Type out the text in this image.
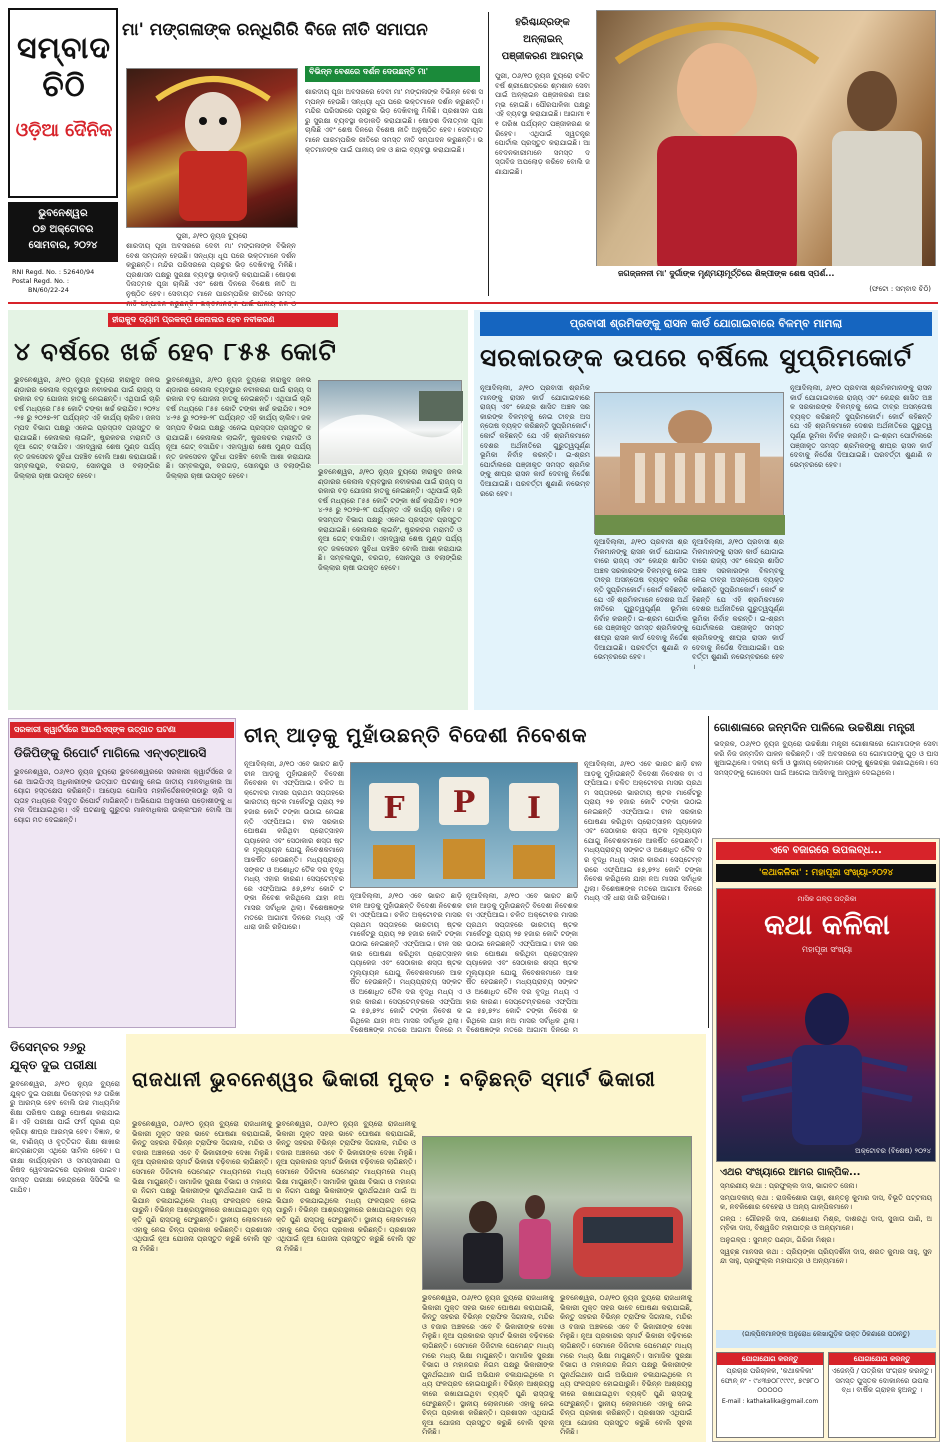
ସମ୍ବାଦ ଚିଠି
ଓଡ଼ିଆ ଦୈନିକ
ଭୁବନେଶ୍ୱର
୦୭ ଅକ୍ଟୋବର
ସୋମବାର, ୨୦୨୪
RNI Regd. No. : 52640/94
Postal Regd. No. :
BN/60/22-24
ମା' ମଙ୍ଗଳାଙ୍କ ରନ୍ଧିଗିରି ବିଜେ ନୀତି ସମାପନ
ପୁରୀ, ୬/୧୦ ନ୍ୟୁଜ ବ୍ୟୁରୋ
ଶାରଦୀୟ ପୂଜା ଅବସରରେ ଦେବୀ ମା' ମଙ୍ଗଳାଙ୍କ ବିଭିନ୍ନ ବେଶ ସମ୍ପନ୍ନ ହେଉଛି। ସନ୍ଧ୍ୟା ଧୂପ ପରେ ଭକ୍ତମାନେ ଦର୍ଶନ କରୁଛନ୍ତି। ମନ୍ଦିର ପରିସରରେ ପ୍ରଚୁର ଭିଡ଼ ଦେଖିବାକୁ ମିଳିଛି। ପ୍ରଶାସନ ପକ୍ଷରୁ ସୁରକ୍ଷା ବ୍ୟବସ୍ଥା କଡ଼ାକଡ଼ି କରାଯାଇଛି। ଷୋଡ଼ଶ ଦିନାତ୍ମକ ପୂଜା ଚାଲିଛି ଏବଂ ଶେଷ ଦିନରେ ବିଶେଷ ନୀତି ଅନୁଷ୍ଠିତ ହେବ। ସେବାୟତ ମାନେ ପାରମ୍ପରିକ ରୀତିରେ ସମସ୍ତ
ବିଭିନ୍ନ ବେଶରେ ଦର୍ଶନ ଦେଉଛନ୍ତି ମା'
ଶାରଦୀୟ ପୂଜା ଅବସରରେ ଦେବୀ ମା' ମଙ୍ଗଳାଙ୍କ ବିଭିନ୍ନ ବେଶ ସମ୍ପନ୍ନ ହେଉଛି। ସନ୍ଧ୍ୟା ଧୂପ ପରେ ଭକ୍ତମାନେ ଦର୍ଶନ କରୁଛନ୍ତି। ମନ୍ଦିର ପରିସରରେ ପ୍ରଚୁର ଭିଡ଼ ଦେଖିବାକୁ ମିଳିଛି। ପ୍ରଶାସନ ପକ୍ଷରୁ ସୁରକ୍ଷା ବ୍ୟବସ୍ଥା କଡ଼ାକଡ଼ି କରାଯାଇଛି। ଷୋଡ଼ଶ ଦିନାତ୍ମକ ପୂଜା ଚାଲିଛି ଏବଂ ଶେଷ ଦିନରେ ବିଶେଷ ନୀତି ଅନୁଷ୍ଠିତ ହେବ। ସେବାୟତ ମାନେ ପାରମ୍ପରିକ ରୀତିରେ ସମସ୍ତ ନୀତି ସମ୍ପାଦନ କରୁଛନ୍ତି। ଭକ୍ତମାନଙ୍କ ପାଇଁ ପାନୀୟ ଜଳ ଓ ଛାଇ ବ୍ୟବସ୍ଥା କରାଯାଇଛି।
ହରିଶ୍ଚାନ୍ଦ୍ରଙ୍କ
ଅନ୍‌ଲାଇନ୍
ପଞ୍ଜୀକରଣ ଆରମ୍ଭ
ପୁରୀ, ୦୬/୧୦ ନ୍ୟୁଜ ବ୍ୟୁରୋ ଚଳିତ ବର୍ଷ ଶ୍ରୀକ୍ଷେତ୍ରରେ ଶ୍ମଶାନ ସେବା ପାଇଁ ଅନ୍‌ଲାଇନ ପଞ୍ଜୀକରଣ ଆରମ୍ଭ ହୋଇଛି। ପୌରପାଳିକା ପକ୍ଷରୁ ଏହି ବ୍ୟବସ୍ଥା କରାଯାଇଛି। ଆଗାମୀ ୧୧ ତାରିଖ ପର୍ଯ୍ୟନ୍ତ ପଞ୍ଜୀକରଣ କରିହେବ। ଏଥିପାଇଁ ସ୍ୱତନ୍ତ୍ର ପୋର୍ଟାଲ ପ୍ରସ୍ତୁତ କରାଯାଇଛି। ଆବେଦନକାରୀମାନେ ସମସ୍ତ ଦସ୍ତାବିଜ ଅପଲୋଡ଼ କରିବେ ବୋଲି ଜଣାଯାଇଛି।
ଜଗଜ୍ଜନନୀ ମା' ଦୁର୍ଗାଙ୍କ ମୃଣ୍ମୟୀମୂର୍ତ୍ତିରେ ଶିଳ୍ପୀଙ୍କ ଶେଷ ସ୍ପର୍ଶ...
(ଫଟୋ : ସମ୍ବାଦ ଚିଠି)
ହୀରାକୁଦ ଡ୍ୟାମ ପ୍ରକଳ୍ପ କେନାଲର ହେବ ନବୀକରଣ
୪ ବର୍ଷରେ ଖର୍ଚ୍ଚ ହେବ ୮୫୫ କୋଟି
ଭୁବନେଶ୍ୱର, ୬/୧୦ ନ୍ୟୁଜ ବ୍ୟୁରୋ ହୀରାକୁଦ ଜଳଭଣ୍ଡାରର କେନାଲ ବ୍ୟବସ୍ଥାର ନବୀକରଣ ପାଇଁ ରାଜ୍ୟ ସରକାର ବଡ଼ ଯୋଜନା ହାତକୁ ନେଇଛନ୍ତି। ଏଥିପାଇଁ ଚାରି ବର୍ଷ ମଧ୍ୟରେ ୮୫୫ କୋଟି ଟଙ୍କା ଖର୍ଚ୍ଚ କରାଯିବ। ୨୦୨୪-୨୫ ରୁ ୨୦୨୭-୨୮ ପର୍ଯ୍ୟନ୍ତ ଏହି କାର୍ଯ୍ୟ ଚାଲିବ। ଜଳସମ୍ପଦ ବିଭାଗ ପକ୍ଷରୁ ଏନେଇ ପ୍ରସ୍ତାବ ପ୍ରସ୍ତୁତ କରାଯାଇଛି। କେନାଲର ଲାଇନିଂ, ଷ୍ଟ୍ରକଚର ମରାମତି ଓ ନୂଆ ଗେଟ୍ ବସାଯିବ। ଏହାଦ୍ୱାରା ଶେଷ ମୁଣ୍ଡ ପର୍ଯ୍ୟନ୍ତ ଜଳସେଚନ ସୁବିଧା ପହଞ୍ଚିବ ବୋଲି ଆଶା କରାଯାଉଛି। ସମ୍ବଲପୁର, ବରଗଡ଼, ସୋନପୁର ଓ ବଲାଙ୍ଗିର ଜିଲ୍ଲାର ଚାଷୀ ଉପକୃତ ହେବେ।
ଭୁବନେଶ୍ୱର, ୬/୧୦ ନ୍ୟୁଜ ବ୍ୟୁରୋ ହୀରାକୁଦ ଜଳଭଣ୍ଡାରର କେନାଲ ବ୍ୟବସ୍ଥାର ନବୀକରଣ ପାଇଁ ରାଜ୍ୟ ସରକାର ବଡ଼ ଯୋଜନା ହାତକୁ ନେଇଛନ୍ତି। ଏଥିପାଇଁ ଚାରି ବର୍ଷ ମଧ୍ୟରେ ୮୫୫ କୋଟି ଟଙ୍କା ଖର୍ଚ୍ଚ କରାଯିବ। ୨୦୨୪-୨୫ ରୁ ୨୦୨୭-୨୮ ପର୍ଯ୍ୟନ୍ତ ଏହି କାର୍ଯ୍ୟ ଚାଲିବ। ଜଳସମ୍ପଦ ବିଭାଗ ପକ୍ଷରୁ ଏନେଇ ପ୍ରସ୍ତାବ ପ୍ରସ୍ତୁତ କରାଯାଇଛି। କେନାଲର ଲାଇନିଂ, ଷ୍ଟ୍ରକଚର ମରାମତି ଓ ନୂଆ ଗେଟ୍ ବସାଯିବ। ଏହାଦ୍ୱାରା ଶେଷ ମୁଣ୍ଡ ପର୍ଯ୍ୟନ୍ତ ଜଳସେଚନ ସୁବିଧା ପହଞ୍ଚିବ ବୋଲି ଆଶା କରାଯାଉଛି। ସମ୍ବଲପୁର, ବରଗଡ଼, ସୋନପୁର ଓ ବଲାଙ୍ଗିର ଜିଲ୍ଲାର ଚାଷୀ ଉପକୃତ ହେବେ।	ଭୁବନେଶ୍ୱର, ୬/୧୦ ନ୍ୟୁଜ ବ୍ୟୁରୋ ହୀରାକୁଦ ଜଳଭଣ୍ଡାରର କେନାଲ ବ୍ୟବସ୍ଥାର ନବୀକରଣ ପାଇଁ ରାଜ୍ୟ ସରକାର ବଡ଼ ଯୋଜନା ହାତକୁ ନେଇଛନ୍ତି। ଏଥିପାଇଁ ଚାରି ବର୍ଷ ମଧ୍ୟରେ ୮୫୫ କୋଟି ଟଙ୍କା ଖର୍ଚ୍ଚ କରାଯିବ। ୨୦୨୪-୨୫ ରୁ ୨୦୨୭-୨୮ ପର୍ଯ୍ୟନ୍ତ ଏହି କାର୍ଯ୍ୟ ଚାଲିବ। ଜଳସମ୍ପଦ ବିଭାଗ ପକ୍ଷରୁ ଏନେଇ ପ୍ରସ୍ତାବ ପ୍ରସ୍ତୁତ କରାଯାଇଛି। କେନାଲର ଲାଇନିଂ, ଷ୍ଟ୍ରକଚର ମରାମତି ଓ ନୂଆ ଗେଟ୍ ବସାଯିବ। ଏହାଦ୍ୱାରା ଶେଷ ମୁଣ୍ଡ ପର୍ଯ୍ୟନ୍ତ ଜଳସେଚନ ସୁବିଧା ପହଞ୍ଚିବ ବୋଲି ଆଶା କରାଯାଉଛି। ସମ୍ବଲପୁର, ବରଗଡ଼, ସୋନପୁର ଓ ବଲାଙ୍ଗିର ଜିଲ୍ଲାର ଚାଷୀ ଉପକୃତ ହେବେ।
ପ୍ରବାସୀ ଶ୍ରମିକଙ୍କୁ ରାସନ କାର୍ଡ ଯୋଗାଇବାରେ ବିଳମ୍ବ ମାମଲା
ସରକାରଙ୍କ ଉପରେ ବର୍ଷିଲେ ସୁପ୍ରିମକୋର୍ଟ
ନୂଆଦିଲ୍ଲୀ, ୬/୧୦ ପ୍ରବାସୀ ଶ୍ରମିକମାନଙ୍କୁ ରାସନ କାର୍ଡ ଯୋଗାଇବାରେ ରାଜ୍ୟ ଏବଂ କେନ୍ଦ୍ର ଶାସିତ ଅଞ୍ଚଳ ସରକାରଙ୍କ ବିଳମ୍ବକୁ ନେଇ ତୀବ୍ର ଅସନ୍ତୋଷ ବ୍ୟକ୍ତ କରିଛନ୍ତି ସୁପ୍ରିମକୋର୍ଟ। କୋର୍ଟ କହିଛନ୍ତି ଯେ ଏହି ଶ୍ରମିକମାନେ ଦେଶର ଅର୍ଥନୀତିରେ ଗୁରୁତ୍ୱପୂର୍ଣ୍ଣ ଭୂମିକା ନିର୍ବାହ କରନ୍ତି। ଇ-ଶ୍ରମ ପୋର୍ଟାଲରେ ପଞ୍ଜୀକୃତ ସମସ୍ତ ଶ୍ରମିକଙ୍କୁ ଶୀଘ୍ର ରାସନ କାର୍ଡ ଦେବାକୁ ନିର୍ଦ୍ଦେଶ ଦିଆଯାଇଛି। ପରବର୍ତ୍ତୀ ଶୁଣାଣି ନଭେମ୍ବରରେ ହେବ।
ନୂଆଦିଲ୍ଲୀ, ୬/୧୦ ପ୍ରବାସୀ ଶ୍ରମିକମାନଙ୍କୁ ରାସନ କାର୍ଡ ଯୋଗାଇବାରେ ରାଜ୍ୟ ଏବଂ କେନ୍ଦ୍ର ଶାସିତ ଅଞ୍ଚଳ ସରକାରଙ୍କ ବିଳମ୍ବକୁ ନେଇ ତୀବ୍ର ଅସନ୍ତୋଷ ବ୍ୟକ୍ତ କରିଛନ୍ତି ସୁପ୍ରିମକୋର୍ଟ। କୋର୍ଟ କହିଛନ୍ତି ଯେ ଏହି ଶ୍ରମିକମାନେ ଦେଶର ଅର୍ଥନୀତିରେ ଗୁରୁତ୍ୱପୂର୍ଣ୍ଣ ଭୂମିକା ନିର୍ବାହ କରନ୍ତି। ଇ-ଶ୍ରମ ପୋର୍ଟାଲରେ ପଞ୍ଜୀକୃତ ସମସ୍ତ ଶ୍ରମିକଙ୍କୁ ଶୀଘ୍ର ରାସନ କାର୍ଡ ଦେବାକୁ ନିର୍ଦ୍ଦେଶ ଦିଆଯାଇଛି। ପରବର୍ତ୍ତୀ ଶୁଣାଣି ନଭେମ୍ବରରେ ହେବ।
ନୂଆଦିଲ୍ଲୀ, ୬/୧୦ ପ୍ରବାସୀ ଶ୍ରମିକମାନଙ୍କୁ ରାସନ କାର୍ଡ ଯୋଗାଇବାରେ ରାଜ୍ୟ ଏବଂ କେନ୍ଦ୍ର ଶାସିତ ଅଞ୍ଚଳ ସରକାରଙ୍କ ବିଳମ୍ବକୁ ନେଇ ତୀବ୍ର ଅସନ୍ତୋଷ ବ୍ୟକ୍ତ କରିଛନ୍ତି ସୁପ୍ରିମକୋର୍ଟ। କୋର୍ଟ କହିଛନ୍ତି ଯେ ଏହି ଶ୍ରମିକମାନେ ଦେଶର ଅର୍ଥନୀତିରେ ଗୁରୁତ୍ୱପୂର୍ଣ୍ଣ ଭୂମିକା ନିର୍ବାହ କରନ୍ତି। ଇ-ଶ୍ରମ ପୋର୍ଟାଲରେ ପଞ୍ଜୀକୃତ ସମସ୍ତ ଶ୍ରମିକଙ୍କୁ ଶୀଘ୍ର ରାସନ କାର୍ଡ ଦେବାକୁ ନିର୍ଦ୍ଦେଶ ଦିଆଯାଇଛି। ପରବର୍ତ୍ତୀ ଶୁଣାଣି ନଭେମ୍ବରରେ ହେବ।
ନୂଆଦିଲ୍ଲୀ, ୬/୧୦ ପ୍ରବାସୀ ଶ୍ରମିକମାନଙ୍କୁ ରାସନ କାର୍ଡ ଯୋଗାଇବାରେ ରାଜ୍ୟ ଏବଂ କେନ୍ଦ୍ର ଶାସିତ ଅଞ୍ଚଳ ସରକାରଙ୍କ ବିଳମ୍ବକୁ ନେଇ ତୀବ୍ର ଅସନ୍ତୋଷ ବ୍ୟକ୍ତ କରିଛନ୍ତି ସୁପ୍ରିମକୋର୍ଟ। କୋର୍ଟ କହିଛନ୍ତି ଯେ ଏହି ଶ୍ରମିକମାନେ ଦେଶର ଅର୍ଥନୀତିରେ ଗୁରୁତ୍ୱପୂର୍ଣ୍ଣ ଭୂମିକା ନିର୍ବାହ କରନ୍ତି। ଇ-ଶ୍ରମ ପୋର୍ଟାଲରେ ପଞ୍ଜୀକୃତ ସମସ୍ତ ଶ୍ରମିକଙ୍କୁ ଶୀଘ୍ର ରାସନ କାର୍ଡ ଦେବାକୁ ନିର୍ଦ୍ଦେଶ ଦିଆଯାଇଛି। ପରବର୍ତ୍ତୀ ଶୁଣାଣି ନଭେମ୍ବରରେ ହେବ।
ସରକାରୀ କ୍ୱାର୍ଟର୍ସରେ ଆଇପିଏସ୍‌ଙ୍କ ଉତ୍ପାତ ଘଟଣା
ଡିଜିପିଙ୍କୁ ରିପୋର୍ଟ ମାଗିଲେ ଏନ୍‌ଏଚ୍‌ଆରସି
ଭୁବନେଶ୍ୱର, ୦୬/୧୦ ନ୍ୟୁଜ ବ୍ୟୁରୋ ଭୁବନେଶ୍ୱରରେ ସରକାରୀ କ୍ୱାର୍ଟର୍ସରେ ଜଣେ ଆଇପିଏସ୍ ଅଧିକାରୀଙ୍କ ଉତ୍ପାତ ଘଟଣାକୁ ନେଇ ଜାତୀୟ ମାନବାଧିକାର ଆୟୋଗ ହସ୍ତକ୍ଷେପ କରିଛନ୍ତି। ଆୟୋଗ ପୋଲିସ ମହାନିର୍ଦ୍ଦେଶକଙ୍କଠାରୁ ଚାରି ସପ୍ତାହ ମଧ୍ୟରେ ବିସ୍ତୃତ ରିପୋର୍ଟ ମାଗିଛନ୍ତି। ଅଭିଯୋଗ ଅନୁସାରେ ପଡ଼ୋଶୀଙ୍କୁ ଧମକ ଦିଆଯାଇଥିଲା। ଏହି ଘଟଣାକୁ ଗୁରୁତର ମାନବାଧିକାର ଉଲ୍ଲଂଘନ ବୋଲି ଆୟୋଗ ମତ ଦେଇଛନ୍ତି।
ଚୀନ୍ ଆଡ଼କୁ ମୁହାଁଉଛନ୍ତି ବିଦେଶୀ ନିବେଶକ
ନୂଆଦିଲ୍ଲୀ, ୬/୧୦ ଏବେ ଭାରତ ଛାଡ଼ି ଚୀନ ଆଡ଼କୁ ମୁହାଁଉଛନ୍ତି ବିଦେଶୀ ନିବେଶକ ବା ଏଫ୍‌ପିଆଇ। ଚଳିତ ଅକ୍ଟୋବର ମାସର ପ୍ରଥମ ସପ୍ତାହରେ ଭାରତୀୟ ଷ୍ଟକ ମାର୍କେଟରୁ ପ୍ରାୟ ୨୭ ହଜାର କୋଟି ଟଙ୍କା ଉଠାଇ ନେଇଛନ୍ତି ଏଫ୍‌ପିଆଇ। ଚୀନ ସରକାର ଘୋଷଣା କରିଥିବା ପ୍ରୋତ୍ସାହନ ପ୍ୟାକେଜ ଏବଂ ସେଠାକାର ଶସ୍ତା ଷ୍ଟକ ମୂଲ୍ୟାୟନ ଯୋଗୁ ନିବେଶକମାନେ ଆକର୍ଷିତ ହେଉଛନ୍ତି। ମଧ୍ୟପ୍ରାଚ୍ୟ ସଙ୍କଟ ଓ ଅଶୋଧିତ ତୈଳ ଦର ବୃଦ୍ଧି ମଧ୍ୟ ଏହାର କାରଣ। ସେପ୍ଟେମ୍ବରରେ ଏଫ୍‌ପିଆଇ ୫୭,୭୨୪ କୋଟି ଟଙ୍କା ନିବେଶ କରିଥିଲେ ଯାହା ନଅ ମାସର ସର୍ବାଧିକ ଥିଲା। ବିଶେଷଜ୍ଞଙ୍କ ମତରେ ଆଗାମୀ ଦିନରେ ମଧ୍ୟ ଏହି ଧାରା ଜାରି ରହିପାରେ।
F P I
ନୂଆଦିଲ୍ଲୀ, ୬/୧୦ ଏବେ ଭାରତ ଛାଡ଼ି ଚୀନ ଆଡ଼କୁ ମୁହାଁଉଛନ୍ତି ବିଦେଶୀ ନିବେଶକ ବା ଏଫ୍‌ପିଆଇ। ଚଳିତ ଅକ୍ଟୋବର ମାସର ପ୍ରଥମ ସପ୍ତାହରେ ଭାରତୀୟ ଷ୍ଟକ ମାର୍କେଟରୁ ପ୍ରାୟ ୨୭ ହଜାର କୋଟି ଟଙ୍କା ଉଠାଇ ନେଇଛନ୍ତି ଏଫ୍‌ପିଆଇ। ଚୀନ ସରକାର ଘୋଷଣା କରିଥିବା ପ୍ରୋତ୍ସାହନ ପ୍ୟାକେଜ ଏବଂ ସେଠାକାର ଶସ୍ତା ଷ୍ଟକ ମୂଲ୍ୟାୟନ ଯୋଗୁ ନିବେଶକମାନେ ଆକର୍ଷିତ ହେଉଛନ୍ତି। ମଧ୍ୟପ୍ରାଚ୍ୟ ସଙ୍କଟ ଓ ଅଶୋଧିତ ତୈଳ ଦର ବୃଦ୍ଧି ମଧ୍ୟ ଏହାର କାରଣ। ସେପ୍ଟେମ୍ବରରେ ଏଫ୍‌ପିଆଇ ୫୭,୭୨୪ କୋଟି ଟଙ୍କା ନିବେଶ କରିଥିଲେ ଯାହା ନଅ ମାସର ସର୍ବାଧିକ ଥିଲା। ବିଶେଷଜ୍ଞଙ୍କ ମତରେ ଆଗାମୀ ଦିନରେ ମ
ନୂଆଦିଲ୍ଲୀ, ୬/୧୦ ଏବେ ଭାରତ ଛାଡ଼ି ଚୀନ ଆଡ଼କୁ ମୁହାଁଉଛନ୍ତି ବିଦେଶୀ ନିବେଶକ ବା ଏଫ୍‌ପିଆଇ। ଚଳିତ ଅକ୍ଟୋବର ମାସର ପ୍ରଥମ ସପ୍ତାହରେ ଭାରତୀୟ ଷ୍ଟକ ମାର୍କେଟରୁ ପ୍ରାୟ ୨୭ ହଜାର କୋଟି ଟଙ୍କା ଉଠାଇ ନେଇଛନ୍ତି ଏଫ୍‌ପିଆଇ। ଚୀନ ସରକାର ଘୋଷଣା କରିଥିବା ପ୍ରୋତ୍ସାହନ ପ୍ୟାକେଜ ଏବଂ ସେଠାକାର ଶସ୍ତା ଷ୍ଟକ ମୂଲ୍ୟାୟନ ଯୋଗୁ ନିବେଶକମାନେ ଆକର୍ଷିତ ହେଉଛନ୍ତି। ମଧ୍ୟପ୍ରାଚ୍ୟ ସଙ୍କଟ ଓ ଅଶୋଧିତ ତୈଳ ଦର ବୃଦ୍ଧି ମଧ୍ୟ ଏହାର କାରଣ। ସେପ୍ଟେମ୍ବରରେ ଏଫ୍‌ପିଆଇ ୫୭,୭୨୪ କୋଟି ଟଙ୍କା ନିବେଶ କରିଥିଲେ ଯାହା ନଅ ମାସର ସର୍ବାଧିକ ଥିଲା। ବିଶେଷଜ୍ଞଙ୍କ ମତରେ ଆଗାମୀ ଦିନରେ ମ
ନୂଆଦିଲ୍ଲୀ, ୬/୧୦ ଏବେ ଭାରତ ଛାଡ଼ି ଚୀନ ଆଡ଼କୁ ମୁହାଁଉଛନ୍ତି ବିଦେଶୀ ନିବେଶକ ବା ଏଫ୍‌ପିଆଇ। ଚଳିତ ଅକ୍ଟୋବର ମାସର ପ୍ରଥମ ସପ୍ତାହରେ ଭାରତୀୟ ଷ୍ଟକ ମାର୍କେଟରୁ ପ୍ରାୟ ୨୭ ହଜାର କୋଟି ଟଙ୍କା ଉଠାଇ ନେଇଛନ୍ତି ଏଫ୍‌ପିଆଇ। ଚୀନ ସରକାର ଘୋଷଣା କରିଥିବା ପ୍ରୋତ୍ସାହନ ପ୍ୟାକେଜ ଏବଂ ସେଠାକାର ଶସ୍ତା ଷ୍ଟକ ମୂଲ୍ୟାୟନ ଯୋଗୁ ନିବେଶକମାନେ ଆକର୍ଷିତ ହେଉଛନ୍ତି। ମଧ୍ୟପ୍ରାଚ୍ୟ ସଙ୍କଟ ଓ ଅଶୋଧିତ ତୈଳ ଦର ବୃଦ୍ଧି ମଧ୍ୟ ଏହାର କାରଣ। ସେପ୍ଟେମ୍ବରରେ ଏଫ୍‌ପିଆଇ ୫୭,୭୨୪ କୋଟି ଟଙ୍କା ନିବେଶ କରିଥିଲେ ଯାହା ନଅ ମାସର ସର୍ବାଧିକ ଥିଲା। ବିଶେଷଜ୍ଞଙ୍କ ମତରେ ଆଗାମୀ ଦିନରେ ମଧ୍ୟ ଏହି ଧାରା ଜାରି ରହିପାରେ।
ଗୋଶାଳାରେ ଜନ୍ମଦିନ ପାଳିଲେ ଉଚ୍ଚଶିକ୍ଷା ମନ୍ତ୍ରୀ
ଭଦ୍ରକ, ୦୬/୧୦ ନ୍ୟୁଜ ବ୍ୟୁରୋ ଉଚ୍ଚଶିକ୍ଷା ମନ୍ତ୍ରୀ ଗୋଶାଳାରେ ଗୋମାତାଙ୍କ ସେବା କରି ନିଜ ଜନ୍ମଦିନ ପାଳନ କରିଛନ୍ତି। ଏହି ଅବସରରେ ସେ ଗୋମାତାଙ୍କୁ ଗୁଡ଼ ଓ ଘାସ ଖୁଆଇଥିଲେ। ଦଳୀୟ କର୍ମୀ ଓ ସ୍ଥାନୀୟ ଲୋକମାନେ ତାଙ୍କୁ ଶୁଭେଚ୍ଛା ଜଣାଇଥିଲେ। ସେ ସମସ୍ତଙ୍କୁ ଗୋସେବା ପାଇଁ ଆଗେଇ ଆସିବାକୁ ଆହ୍ୱାନ ଦେଇଥିଲେ।
ଏବେ ବଜାରରେ ଉପଲବ୍ଧ...
'କଥାକଳିକା' : ମହାପୂଜା ସଂଖ୍ୟା-୨୦୨୪
ମାସିକ ଗଳ୍ପ ପତ୍ରିକା
କଥା କଳିକା
ମହାପୂଜା ସଂଖ୍ୟା
ଅକ୍ଟୋବର (ବିଶେଷ) ୨୦୨୪
ଏଥର ସଂଖ୍ୟାରେ ଆମର ଗାଳ୍ପିକ...
ସ୍ମରଣୀୟ କଥା : ପ୍ରଫୁଲ୍ଲ ଦାସ, ଭାଗବତ ଜେନା।
ସମ୍ପାଦକୀୟ କଥା : ରାଜକିଶୋର ପାଢ଼ୀ, ଶାନ୍ତନୁ କୁମାର ଦାସ, ବିଭୂତି ପଟ୍ଟନାୟକ, ନବକିଶୋର ବେହେରା ଓ ଅନ୍ୟ ଗାଳ୍ପିକମାନେ।
ଗଳ୍ପ : ଗୌରହରି ଦାସ, ଯଶୋଧାରା ମିଶ୍ର, ଦାଶରଥି ଦାସ, ସୁଜାତା ପାଣି, ଅମ୍ବିକା ଦାସ, ବିଶ୍ୱଜିତ ମହାପାତ୍ର ଓ ଅନ୍ୟମାନେ।
ଅନୁଗଳ୍ପ : ସୁମନ୍ତ ପଣ୍ଡା, ଗିରିଜା ମିଶ୍ର।
ସ୍ୱଚ୍ଛ ମାନସର କଥା : ପ୍ରିୟଙ୍କା ପ୍ରିୟଦର୍ଶିନୀ ଦାସ, ଶରତ କୁମାର ସାହୁ, ସୁନନ୍ଦା ସାହୁ, ପ୍ରଫୁଲ୍ଲ ମହାପାତ୍ର ଓ ଅନ୍ୟମାନେ।
(ଗାଳ୍ପିକମାନଙ୍କ ଅନୁରୋଧ ଲେଖାଗୁଡ଼ିକ ଉକ୍ତ ଠିକଣାରେ ପଠାନ୍ତୁ)
ଯୋଗାଯୋଗ କରନ୍ତୁ
ପ୍ରଚାର ପରିଚାଳକ, 'କଥାକଳିକା' ଫୋନ୍ ନଂ - ୯୪୩୭୦୮୯୯୯୯, ୭୯୭୮୦୦୦୦୦୦
E-mail : kathakalika@gmail.com
ଯୋଗାଯୋଗ କରନ୍ତୁ
ଏଜେନ୍ସି / ପତ୍ରିକା ସଂଗ୍ରହ କରନ୍ତୁ। ସମସ୍ତ ପୁସ୍ତକ ଦୋକାନରେ ଉପଲବ୍ଧ। ବାର୍ଷିକ ଗ୍ରାହକ ହୁଅନ୍ତୁ ।
ଡିସେମ୍ବର ୨୬ରୁ
ଯୁକ୍ତ ଦୁଇ ପରୀକ୍ଷା
ଭୁବନେଶ୍ୱର, ୬/୧୦ ନ୍ୟୁଜ ବ୍ୟୁରୋ ଯୁକ୍ତ ଦୁଇ ପରୀକ୍ଷା ଡିସେମ୍ବର ୨୬ ତାରିଖରୁ ଆରମ୍ଭ ହେବ ବୋଲି ଉଚ୍ଚ ମାଧ୍ୟମିକ ଶିକ୍ଷା ପରିଷଦ ପକ୍ଷରୁ ଘୋଷଣା କରାଯାଇଛି। ଏହି ପରୀକ୍ଷା ପାଇଁ ଫର୍ମ ପୂରଣ ପ୍ରକ୍ରିୟା ଶୀଘ୍ର ଆରମ୍ଭ ହେବ। ବିଜ୍ଞାନ, କଳା, ବାଣିଜ୍ୟ ଓ ବୃତ୍ତିଗତ ଶିକ୍ଷା ଶାଖାର ଛାତ୍ରଛାତ୍ରୀ ଏଥିରେ ସାମିଲ ହେବେ। ପରୀକ୍ଷା କାର୍ଯ୍ୟକ୍ରମ ଓ ସମୟସାରଣୀ ପରିଷଦ ୱେବସାଇଟରେ ପ୍ରକାଶ ପାଇବ। ସମସ୍ତ ପରୀକ୍ଷା କେନ୍ଦ୍ରରେ ସିସିଟିଭି ଲଗାଯିବ।
ରାଜଧାନୀ ଭୁବନେଶ୍ୱର ଭିକାରୀ ମୁକ୍ତ : ବଢ଼ିଛନ୍ତି ସ୍ମାର୍ଟ ଭିକାରୀ
ଭୁବନେଶ୍ୱର, ୦୬/୧୦ ନ୍ୟୁଜ ବ୍ୟୁରୋ ରାଜଧାନୀକୁ ଭିକାରୀ ମୁକ୍ତ ସହର ଭାବେ ଘୋଷଣା କରାଯାଇଛି, କିନ୍ତୁ ସହରର ବିଭିନ୍ନ ଟ୍ରାଫିକ ସିଗନାଲ, ମନ୍ଦିର ଓ ବଜାର ଅଞ୍ଚଳରେ ଏବେ ବି ଭିକାରୀଙ୍କ ଦେଖା ମିଳୁଛି। ନୂଆ ପ୍ରକାରର ସ୍ମାର୍ଟ ଭିକାରୀ ବଢ଼ିବାରେ ଲାଗିଛନ୍ତି। ସେମାନେ ଡିଜିଟାଲ ପେମେଣ୍ଟ ମାଧ୍ୟମରେ ମଧ୍ୟ ଭିକ୍ଷା ମାଗୁଛନ୍ତି। ସାମାଜିକ ସୁରକ୍ଷା ବିଭାଗ ଓ ମହାନଗର ନିଗମ ପକ୍ଷରୁ ଭିକାରୀଙ୍କ ପୁନର୍ଥଇଥାନ ପାଇଁ ଅଭିଯାନ ଚଳାଯାଇଥିଲେ ମଧ୍ୟ ଫଳପ୍ରଦ ହୋଇପାରୁନି। ବିଭିନ୍ନ ଆଶ୍ରୟସ୍ଥଳୀରେ ରଖାଯାଇଥିବା ବ୍ୟକ୍ତି ପୁଣି ରାସ୍ତାକୁ ଫେରୁଛନ୍ତି। ସ୍ଥାନୀୟ ଲୋକମାନେ ଏହାକୁ ନେଇ ଚିନ୍ତା ପ୍ରକାଶ କରିଛନ୍ତି। ପ୍ରଶାସନ ଏଥିପାଇଁ ନୂଆ ଯୋଜନା ପ୍ରସ୍ତୁତ କରୁଛି ବୋଲି ସୂଚନା ମିଳିଛି।
ଭୁବନେଶ୍ୱର, ୦୬/୧୦ ନ୍ୟୁଜ ବ୍ୟୁରୋ ରାଜଧାନୀକୁ ଭିକାରୀ ମୁକ୍ତ ସହର ଭାବେ ଘୋଷଣା କରାଯାଇଛି, କିନ୍ତୁ ସହରର ବିଭିନ୍ନ ଟ୍ରାଫିକ ସିଗନାଲ, ମନ୍ଦିର ଓ ବଜାର ଅଞ୍ଚଳରେ ଏବେ ବି ଭିକାରୀଙ୍କ ଦେଖା ମିଳୁଛି। ନୂଆ ପ୍ରକାରର ସ୍ମାର୍ଟ ଭିକାରୀ ବଢ଼ିବାରେ ଲାଗିଛନ୍ତି। ସେମାନେ ଡିଜିଟାଲ ପେମେଣ୍ଟ ମାଧ୍ୟମରେ ମଧ୍ୟ ଭିକ୍ଷା ମାଗୁଛନ୍ତି। ସାମାଜିକ ସୁରକ୍ଷା ବିଭାଗ ଓ ମହାନଗର ନିଗମ ପକ୍ଷରୁ ଭିକାରୀଙ୍କ ପୁନର୍ଥଇଥାନ ପାଇଁ ଅଭିଯାନ ଚଳାଯାଇଥିଲେ ମଧ୍ୟ ଫଳପ୍ରଦ ହୋଇପାରୁନି। ବିଭିନ୍ନ ଆଶ୍ରୟସ୍ଥଳୀରେ ରଖାଯାଇଥିବା ବ୍ୟକ୍ତି ପୁଣି ରାସ୍ତାକୁ ଫେରୁଛନ୍ତି। ସ୍ଥାନୀୟ ଲୋକମାନେ ଏହାକୁ ନେଇ ଚିନ୍ତା ପ୍ରକାଶ କରିଛନ୍ତି। ପ୍ରଶାସନ ଏଥିପାଇଁ ନୂଆ ଯୋଜନା ପ୍ରସ୍ତୁତ କରୁଛି ବୋଲି ସୂଚନା ମିଳିଛି।
ଭୁବନେଶ୍ୱର, ୦୬/୧୦ ନ୍ୟୁଜ ବ୍ୟୁରୋ ରାଜଧାନୀକୁ ଭିକାରୀ ମୁକ୍ତ ସହର ଭାବେ ଘୋଷଣା କରାଯାଇଛି, କିନ୍ତୁ ସହରର ବିଭିନ୍ନ ଟ୍ରାଫିକ ସିଗନାଲ, ମନ୍ଦିର ଓ ବଜାର ଅଞ୍ଚଳରେ ଏବେ ବି ଭିକାରୀଙ୍କ ଦେଖା ମିଳୁଛି। ନୂଆ ପ୍ରକାରର ସ୍ମାର୍ଟ ଭିକାରୀ ବଢ଼ିବାରେ ଲାଗିଛନ୍ତି। ସେମାନେ ଡିଜିଟାଲ ପେମେଣ୍ଟ ମାଧ୍ୟମରେ ମଧ୍ୟ ଭିକ୍ଷା ମାଗୁଛନ୍ତି। ସାମାଜିକ ସୁରକ୍ଷା ବିଭାଗ ଓ ମହାନଗର ନିଗମ ପକ୍ଷରୁ ଭିକାରୀଙ୍କ ପୁନର୍ଥଇଥାନ ପାଇଁ ଅଭିଯାନ ଚଳାଯାଇଥିଲେ ମଧ୍ୟ ଫଳପ୍ରଦ ହୋଇପାରୁନି। ବିଭିନ୍ନ ଆଶ୍ରୟସ୍ଥଳୀରେ ରଖାଯାଇଥିବା ବ୍ୟକ୍ତି ପୁଣି ରାସ୍ତାକୁ ଫେରୁଛନ୍ତି। ସ୍ଥାନୀୟ ଲୋକମାନେ ଏହାକୁ ନେଇ ଚିନ୍ତା ପ୍ରକାଶ କରିଛନ୍ତି। ପ୍ରଶାସନ ଏଥିପାଇଁ ନୂଆ ଯୋଜନା ପ୍ରସ୍ତୁତ କରୁଛି ବୋଲି ସୂଚନା ମିଳିଛି।
ଭୁବନେଶ୍ୱର, ୦୬/୧୦ ନ୍ୟୁଜ ବ୍ୟୁରୋ ରାଜଧାନୀକୁ ଭିକାରୀ ମୁକ୍ତ ସହର ଭାବେ ଘୋଷଣା କରାଯାଇଛି, କିନ୍ତୁ ସହରର ବିଭିନ୍ନ ଟ୍ରାଫିକ ସିଗନାଲ, ମନ୍ଦିର ଓ ବଜାର ଅଞ୍ଚଳରେ ଏବେ ବି ଭିକାରୀଙ୍କ ଦେଖା ମିଳୁଛି। ନୂଆ ପ୍ରକାରର ସ୍ମାର୍ଟ ଭିକାରୀ ବଢ଼ିବାରେ ଲାଗିଛନ୍ତି। ସେମାନେ ଡିଜିଟାଲ ପେମେଣ୍ଟ ମାଧ୍ୟମରେ ମଧ୍ୟ ଭିକ୍ଷା ମାଗୁଛନ୍ତି। ସାମାଜିକ ସୁରକ୍ଷା ବିଭାଗ ଓ ମହାନଗର ନିଗମ ପକ୍ଷରୁ ଭିକାରୀଙ୍କ ପୁନର୍ଥଇଥାନ ପାଇଁ ଅଭିଯାନ ଚଳାଯାଇଥିଲେ ମଧ୍ୟ ଫଳପ୍ରଦ ହୋଇପାରୁନି। ବିଭିନ୍ନ ଆଶ୍ରୟସ୍ଥଳୀରେ ରଖାଯାଇଥିବା ବ୍ୟକ୍ତି ପୁଣି ରାସ୍ତାକୁ ଫେରୁଛନ୍ତି। ସ୍ଥାନୀୟ ଲୋକମାନେ ଏହାକୁ ନେଇ ଚିନ୍ତା ପ୍ରକାଶ କରିଛନ୍ତି। ପ୍ରଶାସନ ଏଥିପାଇଁ ନୂଆ ଯୋଜନା ପ୍ରସ୍ତୁତ କରୁଛି ବୋଲି ସୂଚନା ମିଳିଛି।
